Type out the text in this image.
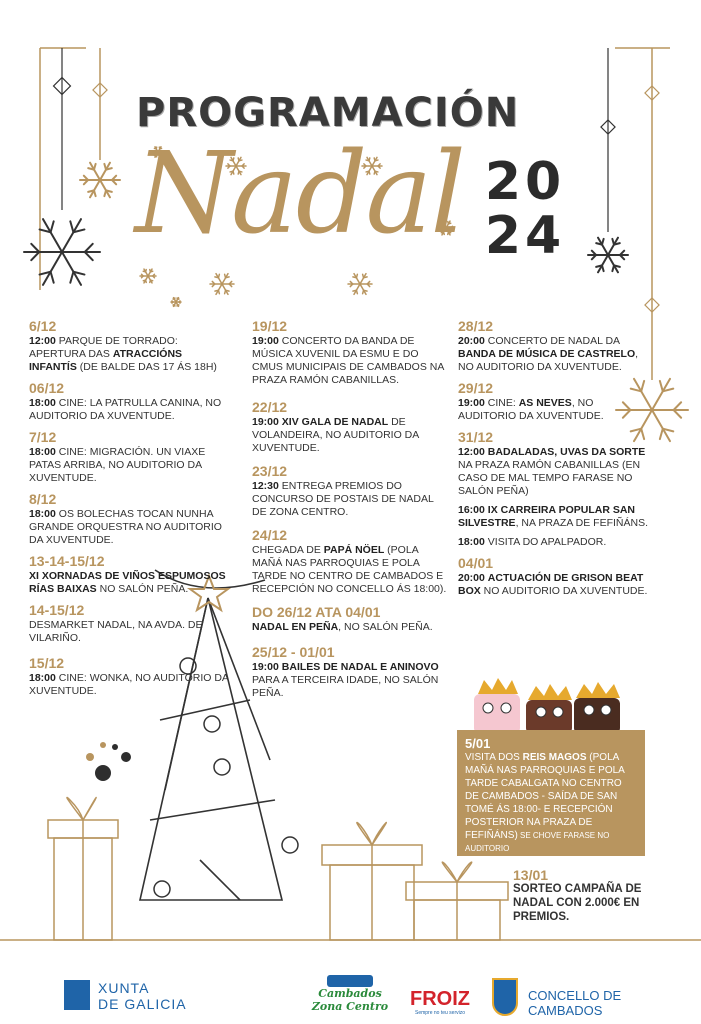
PROGRAMACIÓN
Nadal 20
24
6/12

12:00 PARQUE DE TORRADO: APERTURA DAS ATRACCIÓNS INFANTÍS (DE BALDE DAS 17 ÁS 18H)

06/12

18:00 CINE: LA PATRULLA CANINA, NO AUDITORIO DA XUVENTUDE.

7/12

18:00 CINE: MIGRACIÓN. UN VIAXE PATAS ARRIBA, NO AUDITORIO DA XUVENTUDE.

8/12

18:00 OS BOLECHAS TOCAN NUNHA GRANDE ORQUESTRA NO AUDITORIO DA XUVENTUDE.

13-14-15/12

XI XORNADAS DE VIÑOS ESPUMOSOS RÍAS BAIXAS NO SALÓN PEÑA.

14-15/12

DESMARKET NADAL, NA AVDA. DE VILARIÑO.

15/12

18:00 CINE: WONKA, NO AUDITORIO DA XUVENTUDE.

19/12

19:00 CONCERTO DA BANDA DE MÚSICA XUVENIL DA ESMU E DO CMUS MUNICIPAIS DE CAMBADOS NA PRAZA RAMÓN CABANILLAS.

22/12

19:00 XIV GALA DE NADAL DE VOLANDEIRA, NO AUDITORIO DA XUVENTUDE.

23/12

12:30 ENTREGA PREMIOS DO CONCURSO DE POSTAIS DE NADAL DE ZONA CENTRO.

24/12

CHEGADA DE PAPÁ NÖEL (POLA MAÑÁ NAS PARROQUIAS E POLA TARDE NO CENTRO DE CAMBADOS E RECEPCIÓN NO CONCELLO ÁS 18:00).

DO 26/12 ATA 04/01

NADAL EN PEÑA, NO SALÓN PEÑA.

25/12 - 01/01

19:00 BAILES DE NADAL E ANINOVO PARA A TERCEIRA IDADE, NO SALÓN PEÑA.

28/12

20:00 CONCERTO DE NADAL DA BANDA DE MÚSICA DE CASTRELO, NO AUDITORIO DA XUVENTUDE.

29/12

19:00 CINE: AS NEVES, NO AUDITORIO DA XUVENTUDE.

31/12

12:00 BADALADAS, UVAS DA SORTE NA PRAZA RAMÓN CABANILLAS (EN CASO DE MAL TEMPO FARASE NO SALÓN PEÑA)

16:00 IX CARREIRA POPULAR SAN SILVESTRE, NA PRAZA DE FEFIÑÁNS.

18:00 VISITA DO APALPADOR.

04/01

20:00 ACTUACIÓN DE GRISON BEAT BOX NO AUDITORIO DA XUVENTUDE.

5/01
VISITA DOS REIS MAGOS (POLA MAÑÁ NAS PARROQUIAS E POLA TARDE CABALGATA NO CENTRO DE CAMBADOS - SAÍDA DE SAN TOMÉ ÁS 18:00- E RECEPCIÓN POSTERIOR NA PRAZA DE FEFIÑÁNS) SE CHOVE FARASE NO AUDITORIO
13/01
SORTEO CAMPAÑA DE NADAL CON 2.000€ EN PREMIOS.
XUNTA
DE GALICIA
Cambados
Zona Centro FROIZ
Sempre no teu servizo
CONCELLO DE
CAMBADOS
